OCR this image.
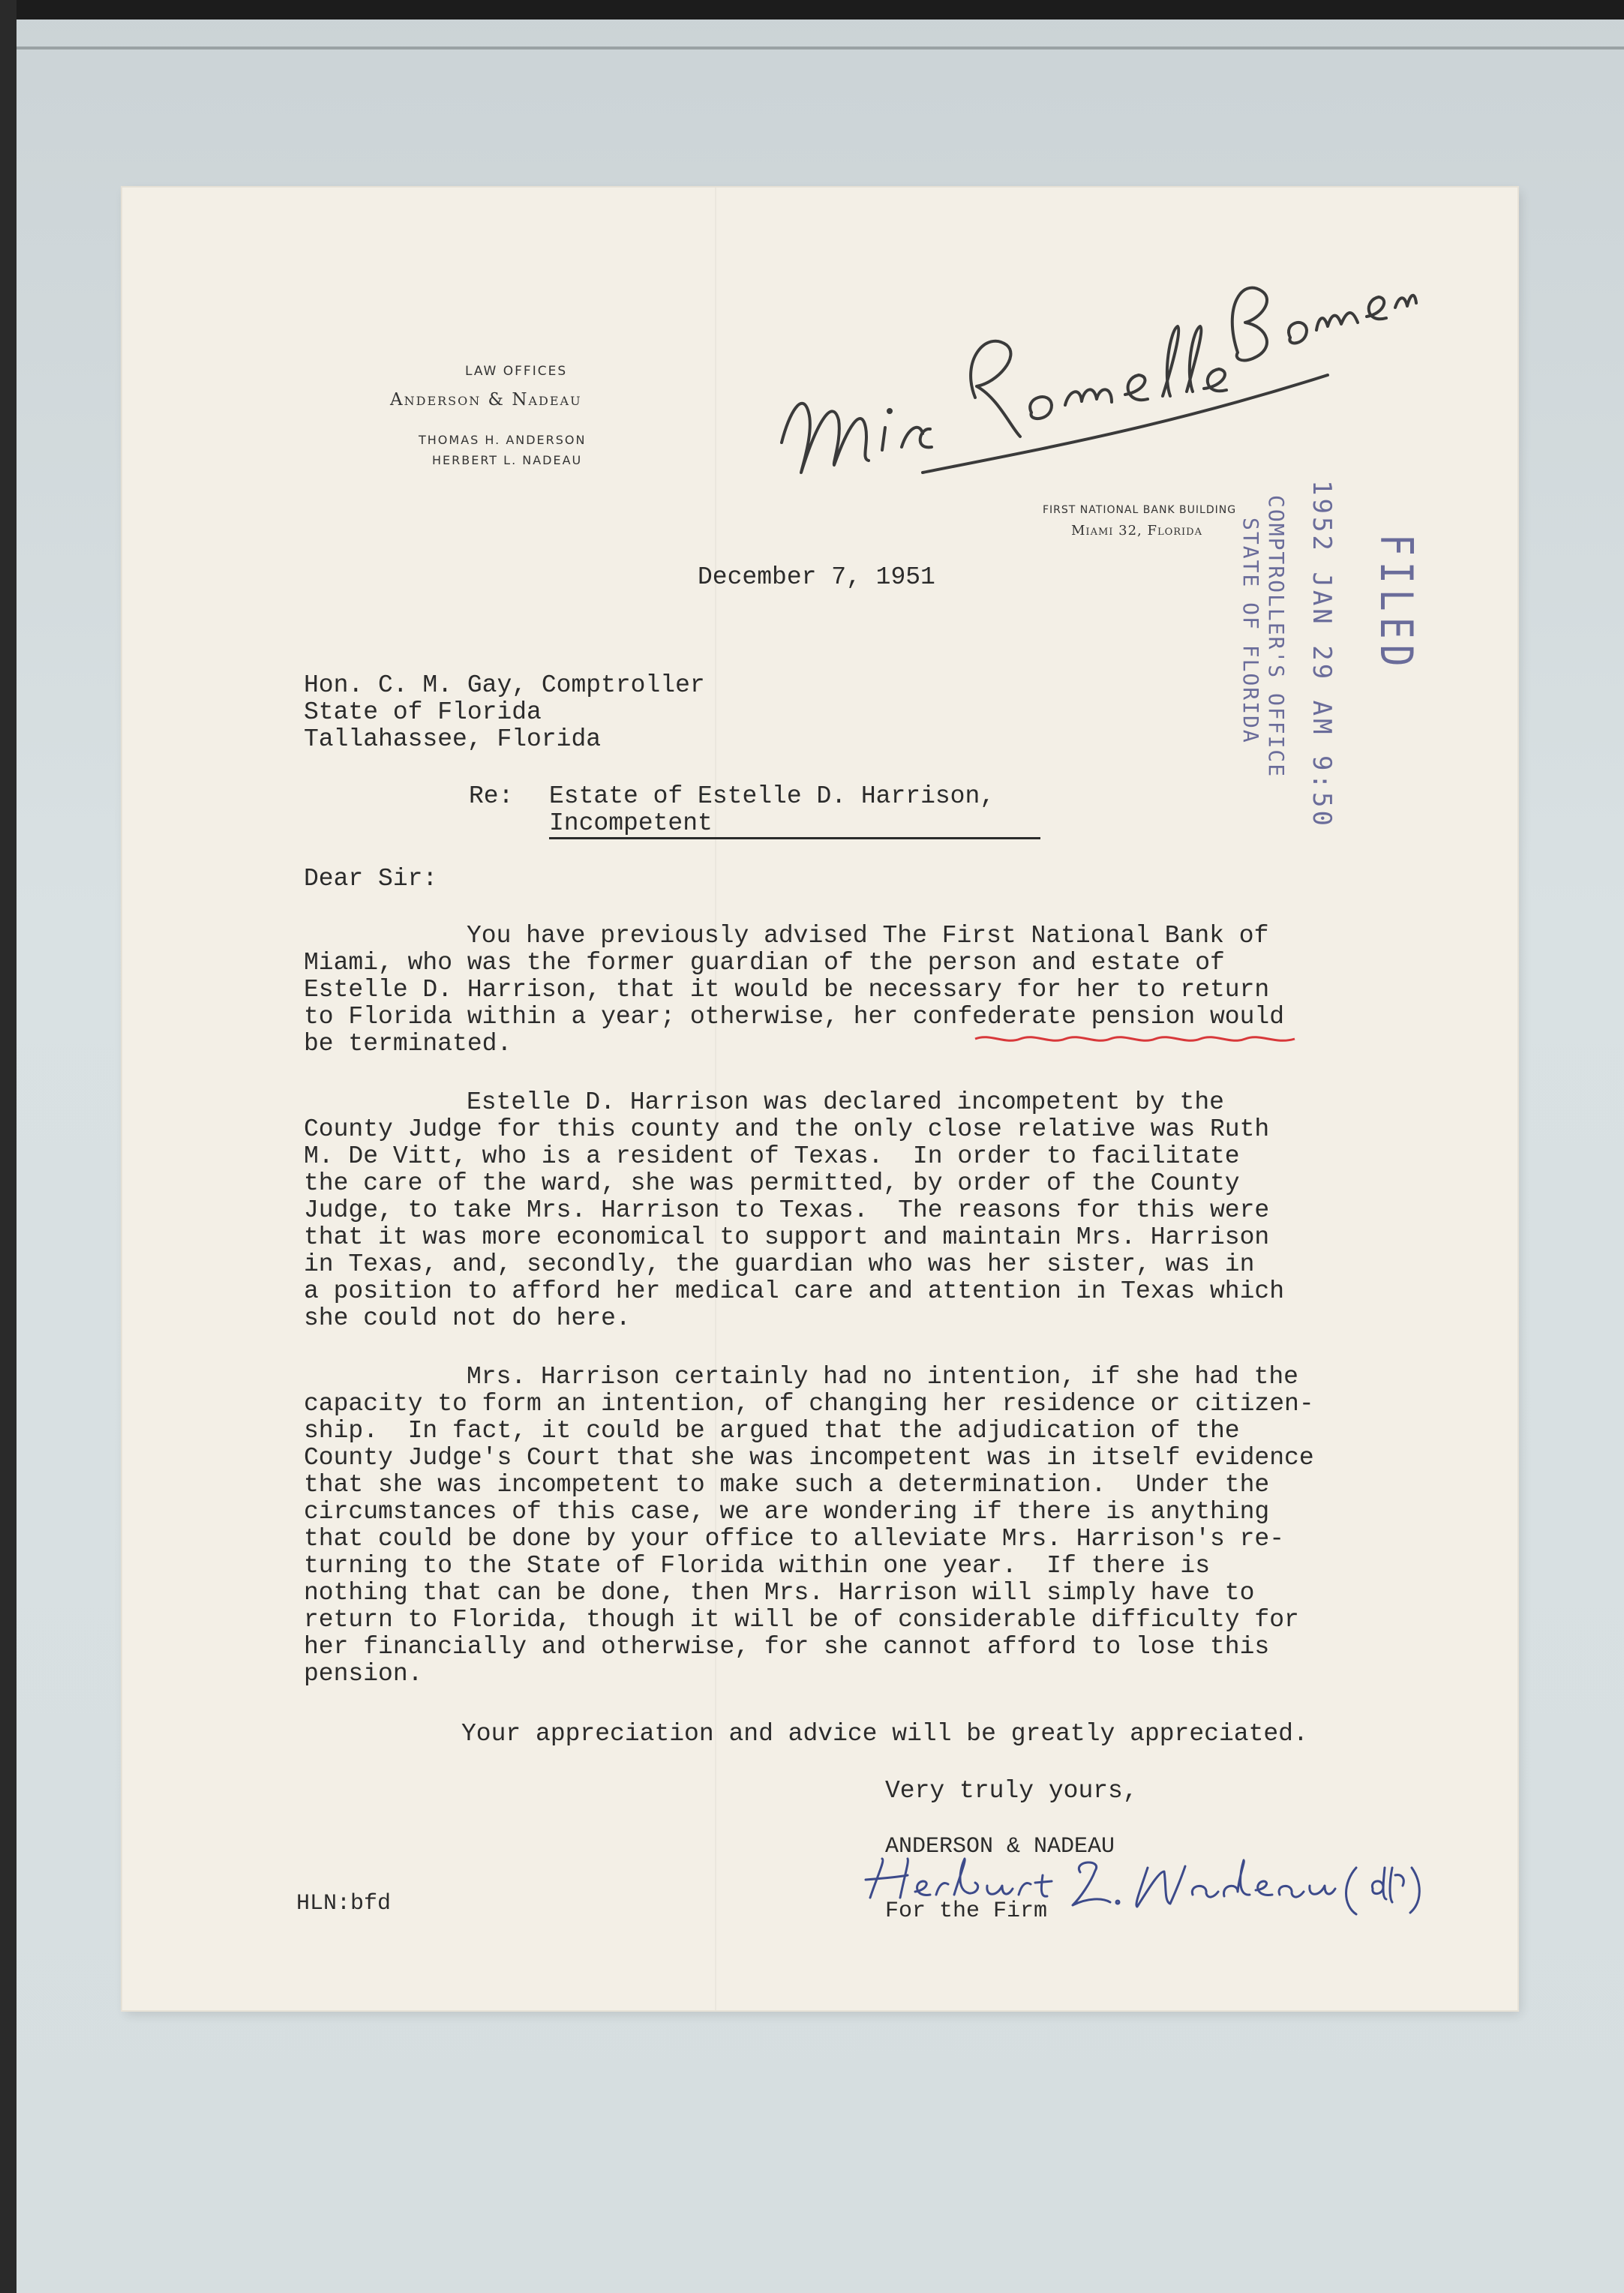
LAW OFFICES
Anderson & Nadeau
THOMAS H. ANDERSON
HERBERT L. NADEAU
FIRST NATIONAL BANK BUILDING
Miami 32, Florida
December 7, 1951
Hon. C. M. Gay, Comptroller
State of Florida
Tallahassee, Florida
Re: Estate of Estelle D. Harrison,
Incompetent
Dear Sir:
You have previously advised The First National Bank of
Miami, who was the former guardian of the person and estate of
Estelle D. Harrison, that it would be necessary for her to return
to Florida within a year; otherwise, her confederate pension would
be terminated.
Estelle D. Harrison was declared incompetent by the
County Judge for this county and the only close relative was Ruth
M. De Vitt, who is a resident of Texas.  In order to facilitate
the care of the ward, she was permitted, by order of the County
Judge, to take Mrs. Harrison to Texas.  The reasons for this were
that it was more economical to support and maintain Mrs. Harrison
in Texas, and, secondly, the guardian who was her sister, was in
a position to afford her medical care and attention in Texas which
she could not do here.
Mrs. Harrison certainly had no intention, if she had the
capacity to form an intention, of changing her residence or citizen-
ship.  In fact, it could be argued that the adjudication of the
County Judge's Court that she was incompetent was in itself evidence
that she was incompetent to make such a determination.  Under the
circumstances of this case, we are wondering if there is anything
that could be done by your office to alleviate Mrs. Harrison's re-
turning to the State of Florida within one year.  If there is
nothing that can be done, then Mrs. Harrison will simply have to
return to Florida, though it will be of considerable difficulty for
her financially and otherwise, for she cannot afford to lose this
pension.
Your appreciation and advice will be greatly appreciated.
Very truly yours,
ANDERSON & NADEAU
For the Firm
HLN:bfd
FILED
1952 JAN 29 AM 9:50
COMPTROLLER'S OFFICE
STATE OF FLORIDA
